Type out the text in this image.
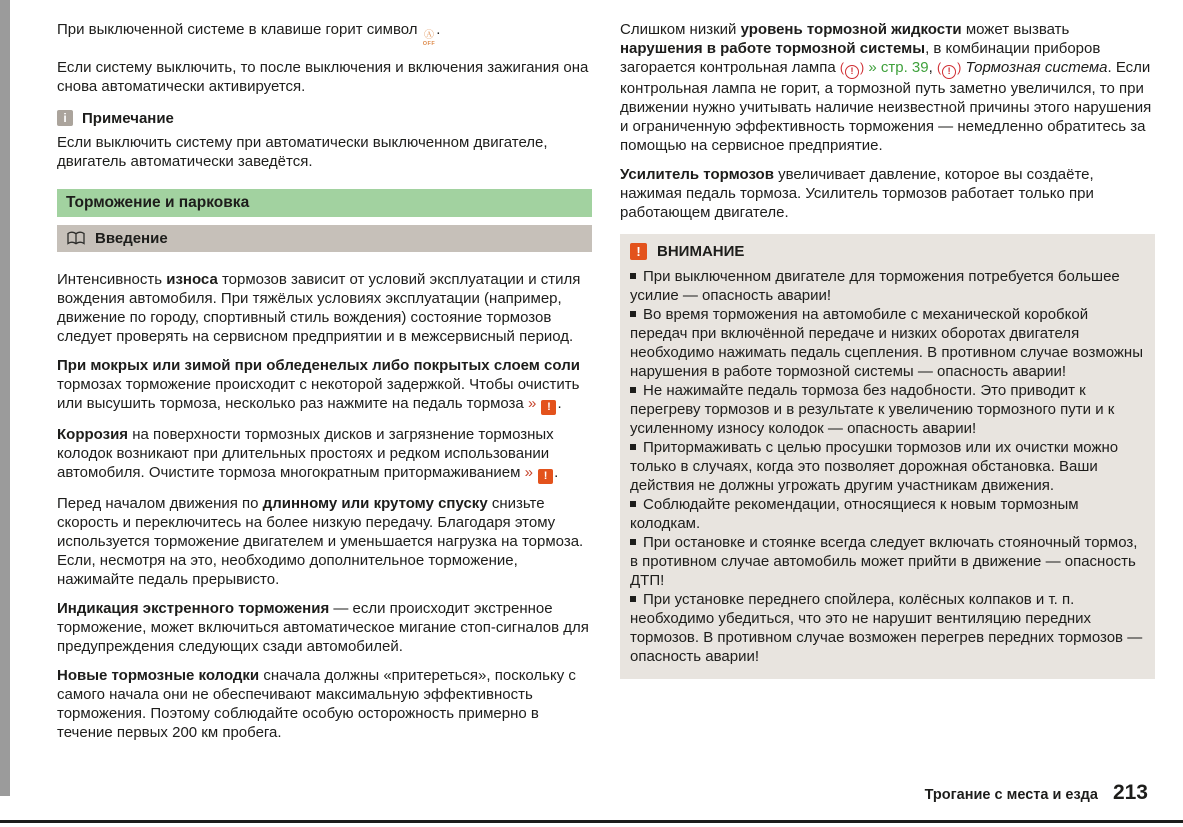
При выключенной системе в клавише горит символ Ⓐ
OFF
.

Если систему выключить, то после выключения и включения зажигания она снова автоматически активируется.

i	Примечание

Если выключить систему при автоматически выключенном двигателе, двигатель автоматически заведётся.

Торможение и парковка
Введение

Интенсивность износа тормозов зависит от условий эксплуатации и стиля вождения автомобиля. При тяжёлых условиях эксплуатации (например, движение по городу, спортивный стиль вождения) состояние тормозов следует проверять на сервисном предприятии и в межсервисный период.

При мокрых или зимой при обледенелых либо покрытых слоем соли тормозах торможение происходит с некоторой задержкой. Чтобы очистить или высушить тормоза, несколько раз нажмите на педаль тормоза » ! .

Коррозия на поверхности тормозных дисков и загрязнение тормозных колодок возникают при длительных простоях и редком использовании автомобиля. Очистите тормоза многократным притормаживанием » ! .

Перед началом движения по длинному или крутому спуску снизьте скорость и переключитесь на более низкую передачу. Благодаря этому используется торможение двигателем и уменьшается нагрузка на тормоза. Если, несмотря на это, необходимо дополнительное торможение, нажимайте педаль прерывисто.

Индикация экстренного торможения — если происходит экстренное торможение, может включиться автоматическое мигание стоп-сигналов для предупреждения следующих сзади автомобилей.

Новые тормозные колодки сначала должны «притереться», поскольку с самого начала они не обеспечивают максимальную эффективность торможения. Поэтому соблюдайте особую осторожность примерно в течение первых 200 км пробега.

Слишком низкий уровень тормозной жидкости может вызвать нарушения в работе тормозной системы, в комбинации приборов загорается контрольная лампа ( ! ) » стр. 39, ( ! ) Тормозная система. Если контрольная лампа не горит, а тормозной путь заметно увеличился, то при движении нужно учитывать наличие неизвестной причины этого нарушения и ограниченную эффективность торможения — немедленно обратитесь за помощью на сервисное предприятие.

Усилитель тормозов увеличивает давление, которое вы создаёте, нажимая педаль тормоза. Усилитель тормозов работает только при работающем двигателе.

!	ВНИМАНИЕ
При выключенном двигателе для торможения потребуется большее усилие — опасность аварии!
Во время торможения на автомобиле с механической коробкой передач при включённой передаче и низких оборотах двигателя необходимо нажимать педаль сцепления. В противном случае возможны нарушения в работе тормозной системы — опасность аварии!
Не нажимайте педаль тормоза без надобности. Это приводит к перегреву тормозов и в результате к увеличению тормозного пути и к усиленному износу колодок — опасность аварии!
Притормаживать с целью просушки тормозов или их очистки можно только в случаях, когда это позволяет дорожная обстановка. Ваши действия не должны угрожать другим участникам движения.
Соблюдайте рекомендации, относящиеся к новым тормозным колодкам.
При остановке и стоянке всегда следует включать стояночный тормоз, в противном случае автомобиль может прийти в движение — опасность ДТП!
При установке переднего спойлера, колёсных колпаков и т. п. необходимо убедиться, что это не нарушит вентиляцию передних тормозов. В противном случае возможен перегрев передних тормозов — опасность аварии!
Трогание с места и езда 213
